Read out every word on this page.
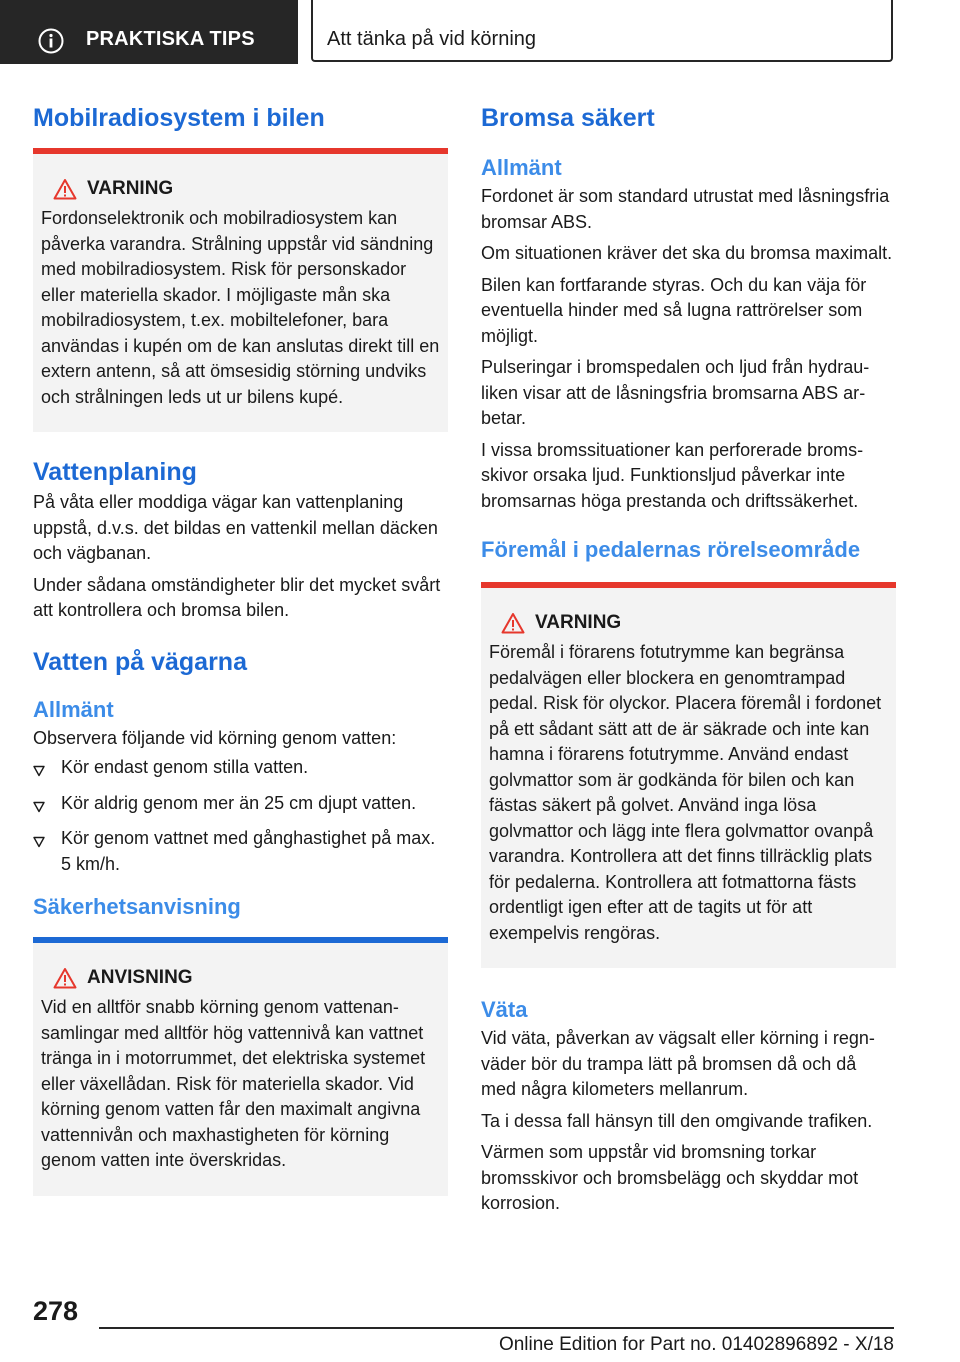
PRAKTISKA TIPS	Att tänka på vid körning
Mobilradiosystem i bilen
VARNING

Fordonselektronik och mobilradiosystem kan påverka varandra. Strålning uppstår vid sändning med mobilradiosystem. Risk för personskador eller materiella skador. I möjligaste mån ska mobilradiosystem, t.ex. mobiltelefoner, bara användas i kupén om de kan anslutas direkt till en extern antenn, så att ömsesidig störning undviks och strålningen leds ut ur bilens kupé.

Vattenplaning

På våta eller moddiga vägar kan vattenplaning uppstå, d.v.s. det bildas en vattenkil mellan däcken och vägbanan.

Under sådana omständigheter blir det mycket svårt att kontrollera och bromsa bilen.

Vatten på vägarna
Allmänt

Observera följande vid körning genom vatten:

Kör endast genom stilla vatten.
Kör aldrig genom mer än 25 cm djupt vatten.
Kör genom vattnet med gånghastighet på max. 5 km/h.
Säkerhetsanvisning
ANVISNING

Vid en alltför snabb körning genom vattenansamlingar med alltför hög vattennivå kan vattnet tränga in i motorrummet, det elektriska systemet eller växellådan. Risk för materiella skador. Vid körning genom vatten får den maximalt angivna vattennivån och maxhastigheten för körning genom vatten inte överskridas.

Bromsa säkert
Allmänt

Fordonet är som standard utrustat med låsningsfria bromsar ABS.

Om situationen kräver det ska du bromsa maximalt.

Bilen kan fortfarande styras. Och du kan väja för eventuella hinder med så lugna rattrörelser som möjligt.

Pulseringar i bromspedalen och ljud från hydrauliken visar att de låsningsfria bromsarna ABS arbetar.

I vissa bromssituationer kan perforerade bromsskivor orsaka ljud. Funktionsljud påverkar inte bromsarnas höga prestanda och driftssäkerhet.

Föremål i pedalernas rörelseområde
VARNING

Föremål i förarens fotutrymme kan begränsa pedalvägen eller blockera en genomtrampad pedal. Risk för olyckor. Placera föremål i fordonet på ett sådant sätt att de är säkrade och inte kan hamna i förarens fotutrymme. Använd endast golvmattor som är godkända för bilen och kan fästas säkert på golvet. Använd inga lösa golvmattor och lägg inte flera golvmattor ovanpå varandra. Kontrollera att det finns tillräcklig plats för pedalerna. Kontrollera att fotmattorna fästs ordentligt igen efter att de tagits ut för att exempelvis rengöras.

Väta

Vid väta, påverkan av vägsalt eller körning i regnväder bör du trampa lätt på bromsen då och då med några kilometers mellanrum.

Ta i dessa fall hänsyn till den omgivande trafiken.

Värmen som uppstår vid bromsning torkar bromsskivor och bromsbelägg och skyddar mot korrosion.

278
Online Edition for Part no. 01402896892 - X/18
